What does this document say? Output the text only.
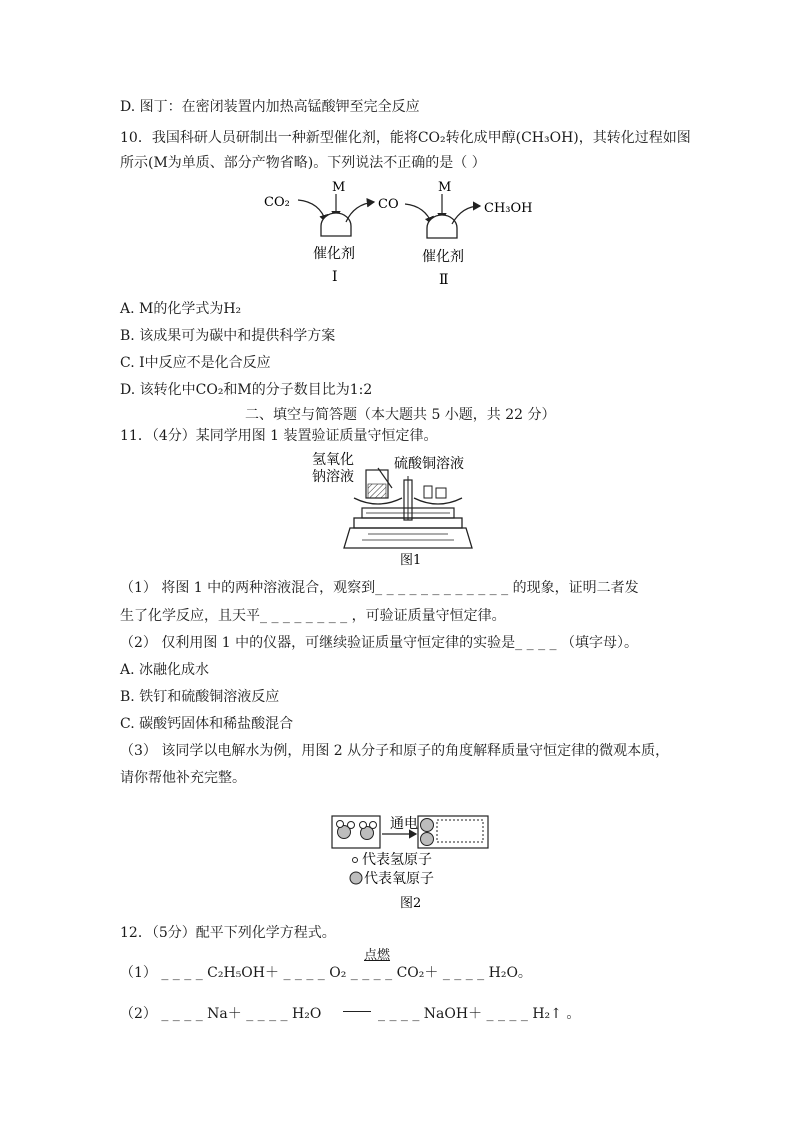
D. 图丁：在密闭装置内加热高锰酸钾至完全反应
10．我国科研人员研制出一种新型催化剂，能将CO₂转化成甲醇(CH₃OH)，其转化过程如图
所示(M为单质、部分产物省略)。下列说法不正确的是（ ）
CO₂
M
CO
催化剂
Ⅰ
M
CH₃OH
催化剂
Ⅱ
A. M的化学式为H₂
B. 该成果可为碳中和提供科学方案
C. Ⅰ中反应不是化合反应
D. 该转化中CO₂和M的分子数目比为1:2
二、填空与简答题（本大题共 5 小题，共 22 分）
11．（4分）某同学用图 1 装置验证质量守恒定律。
氢氧化
钠溶液
硫酸铜溶液
图1
（1） 将图 1 中的两种溶液混合，观察到_ _ _ _ _ _ _ _ _ _ _ _ 的现象，证明二者发
生了化学反应，且天平_ _ _ _ _ _ _ _ ，可验证质量守恒定律。
（2） 仅利用图 1 中的仪器，可继续验证质量守恒定律的实验是_ _ _ _ （填字母）。
A. 冰融化成水
B. 铁钉和硫酸铜溶液反应
C. 碳酸钙固体和稀盐酸混合
（3） 该同学以电解水为例，用图 2 从分子和原子的角度解释质量守恒定律的微观本质，
请你帮他补充完整。
通电
代表氢原子
代表氧原子
图2
12．（5分）配平下列化学方程式。
点燃
（1） _ _ _ _ C₂H₅OH＋ _ _ _ _ O₂ _ _ _ _ CO₂＋ _ _ _ _ H₂O。
（2） _ _ _ _ Na＋ _ _ _ _ H₂O	_ _ _ _ NaOH＋ _ _ _ _ H₂↑ 。
